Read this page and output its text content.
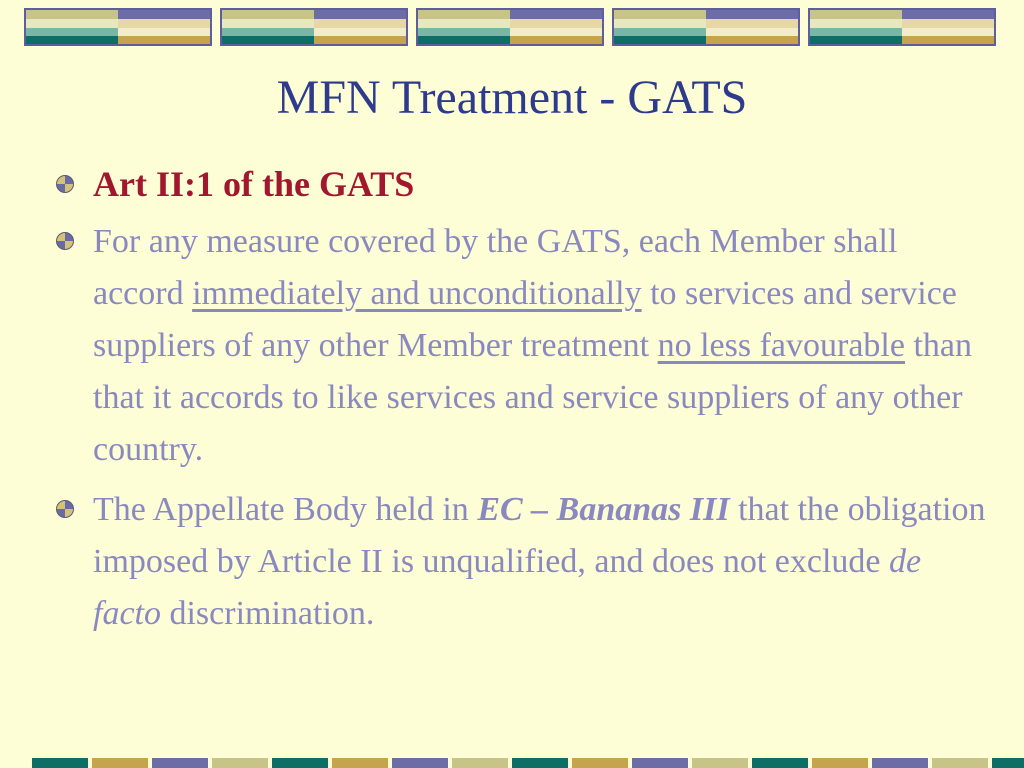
MFN Treatment - GATS
Art II:1 of the GATS
For any measure covered by the GATS, each Member shall accord immediately and unconditionally to services and service suppliers of any other Member treatment no less favourable than that it accords to like services and service suppliers of any other country.
The Appellate Body held in EC – Bananas III that the obligation imposed by Article II is unqualified, and does not exclude de facto discrimination.
